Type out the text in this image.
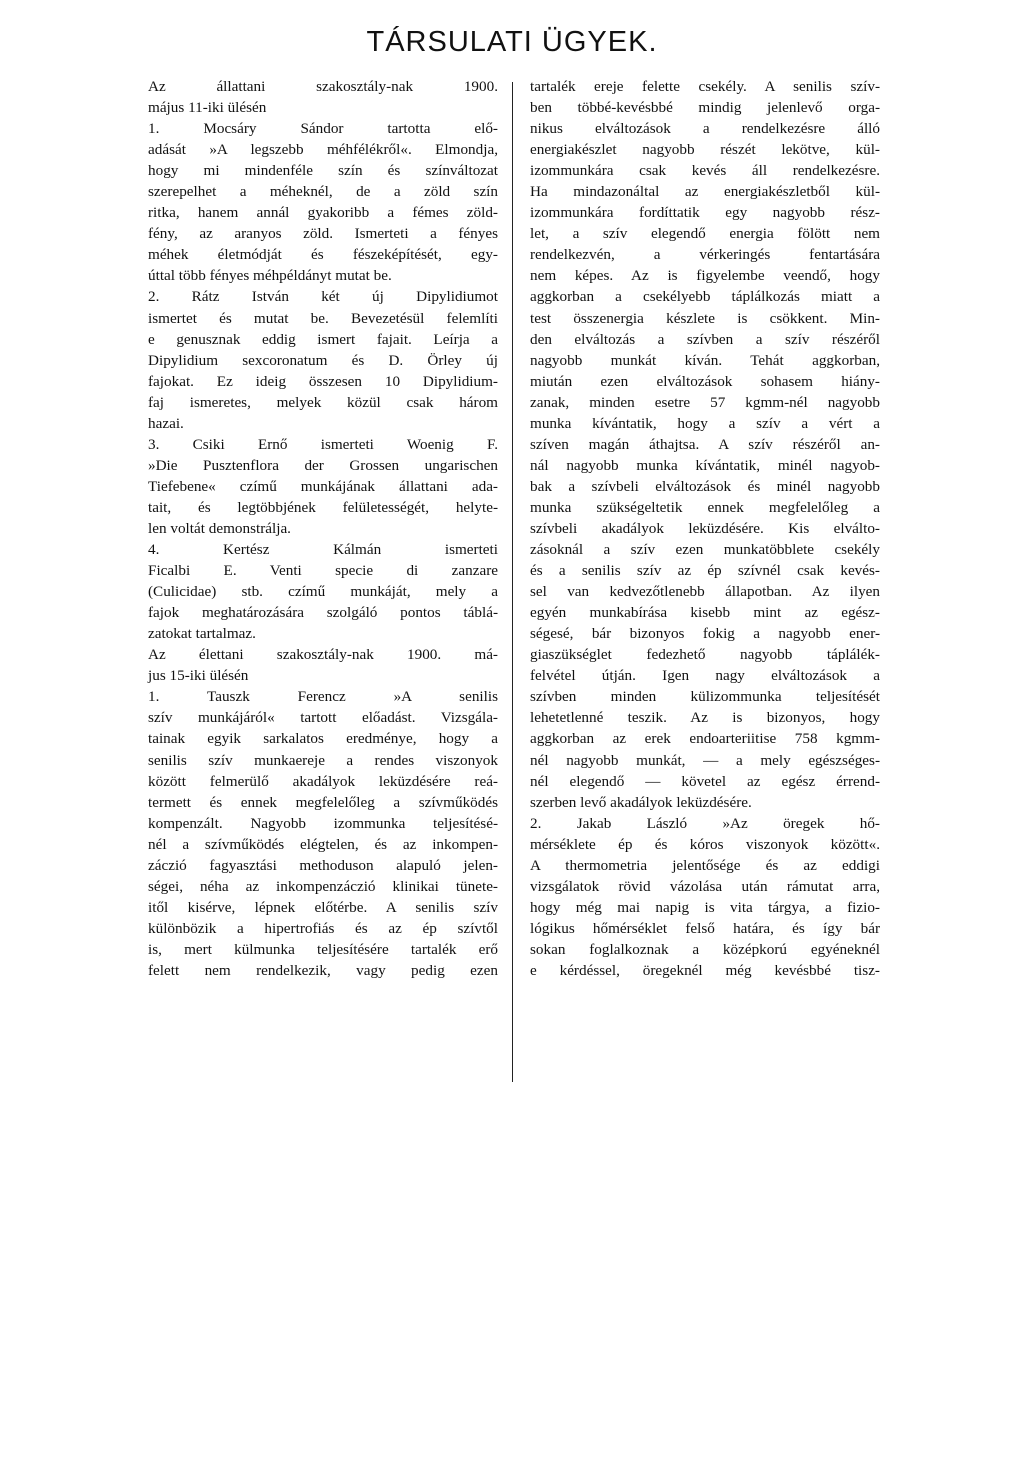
TÁRSULATI ÜGYEK.
Az állattani szakosztály-nak 1900.
május 11-iki ülésén
1. Mocsáry Sándor tartotta elő-
adását »A legszebb méhfélékről«. Elmondja,
hogy mi mindenféle szín és színváltozat
szerepelhet a méheknél, de a zöld szín
ritka, hanem annál gyakoribb a fémes zöld-
fény, az aranyos zöld. Ismerteti a fényes
méhek életmódját és fészeképítését, egy-
úttal több fényes méhpéldányt mutat be.
2. Rátz István két új Dipylidiumot
ismertet és mutat be. Bevezetésül felemlíti
e genusznak eddig ismert fajait. Leírja a
Dipylidium sexcoronatum és D. Örley új
fajokat. Ez ideig összesen 10 Dipylidium-
faj ismeretes, melyek közül csak három
hazai.
3. Csiki Ernő ismerteti Woenig F.
»Die Pusztenflora der Grossen ungarischen
Tiefebene« czímű munkájának állattani ada-
tait, és legtöbbjének felületességét, helyte-
len voltát demonstrálja.
4. Kertész Kálmán ismerteti
Ficalbi E. Venti specie di zanzare
(Culicidae) stb. czímű munkáját, mely a
fajok meghatározására szolgáló pontos táblá-
zatokat tartalmaz.
Az élettani szakosztály-nak 1900. má-
jus 15-iki ülésén
1. Tauszk Ferencz »A senilis
szív munkájáról« tartott előadást. Vizsgála-
tainak egyik sarkalatos eredménye, hogy a
senilis szív munkaereje a rendes viszonyok
között felmerülő akadályok leküzdésére reá-
termett és ennek megfelelőleg a szívműködés
kompenzált. Nagyobb izommunka teljesítésé-
nél a szívműködés elégtelen, és az inkompen-
záczió fagyasztási methoduson alapuló jelen-
ségei, néha az inkompenzáczió klinikai tünete-
itől kisérve, lépnek előtérbe. A senilis szív
különbözik a hipertrofiás és az ép szívtől
is, mert külmunka teljesítésére tartalék erő
felett nem rendelkezik, vagy pedig ezen
tartalék ereje felette csekély. A senilis szív-
ben többé-kevésbbé mindig jelenlevő orga-
nikus elváltozások a rendelkezésre álló
energiakészlet nagyobb részét lekötve, kül-
izommunkára csak kevés áll rendelkezésre.
Ha mindazonáltal az energiakészletből kül-
izommunkára fordíttatik egy nagyobb rész-
let, a szív elegendő energia fölött nem
rendelkezvén, a vérkeringés fentartására
nem képes. Az is figyelembe veendő, hogy
aggkorban a csekélyebb táplálkozás miatt a
test összenergia készlete is csökkent. Min-
den elváltozás a szívben a szív részéről
nagyobb munkát kíván. Tehát aggkorban,
miután ezen elváltozások sohasem hiány-
zanak, minden esetre 57 kgmm-nél nagyobb
munka kívántatik, hogy a szív a vért a
szíven magán áthajtsa. A szív részéről an-
nál nagyobb munka kívántatik, minél nagyob-
bak a szívbeli elváltozások és minél nagyobb
munka szükségeltetik ennek megfelelőleg a
szívbeli akadályok leküzdésére. Kis elválto-
zásoknál a szív ezen munkatöbblete csekély
és a senilis szív az ép szívnél csak kevés-
sel van kedvezőtlenebb állapotban. Az ilyen
egyén munkabírása kisebb mint az egész-
ségesé, bár bizonyos fokig a nagyobb ener-
giaszükséglet fedezhető nagyobb táplálék-
felvétel útján. Igen nagy elváltozások a
szívben minden külizommunka teljesítését
lehetetlenné teszik. Az is bizonyos, hogy
aggkorban az erek endoarteriitise 758 kgmm-
nél nagyobb munkát, — a mely egészséges-
nél elegendő — követel az egész érrend-
szerben levő akadályok leküzdésére.
2. Jakab László »Az öregek hő-
mérséklete ép és kóros viszonyok között«.
A thermometria jelentősége és az eddigi
vizsgálatok rövid vázolása után rámutat arra,
hogy még mai napig is vita tárgya, a fizio-
lógikus hőmérséklet felső határa, és így bár
sokan foglalkoznak a középkorú egyéneknél
e kérdéssel, öregeknél még kevésbbé tisz-
